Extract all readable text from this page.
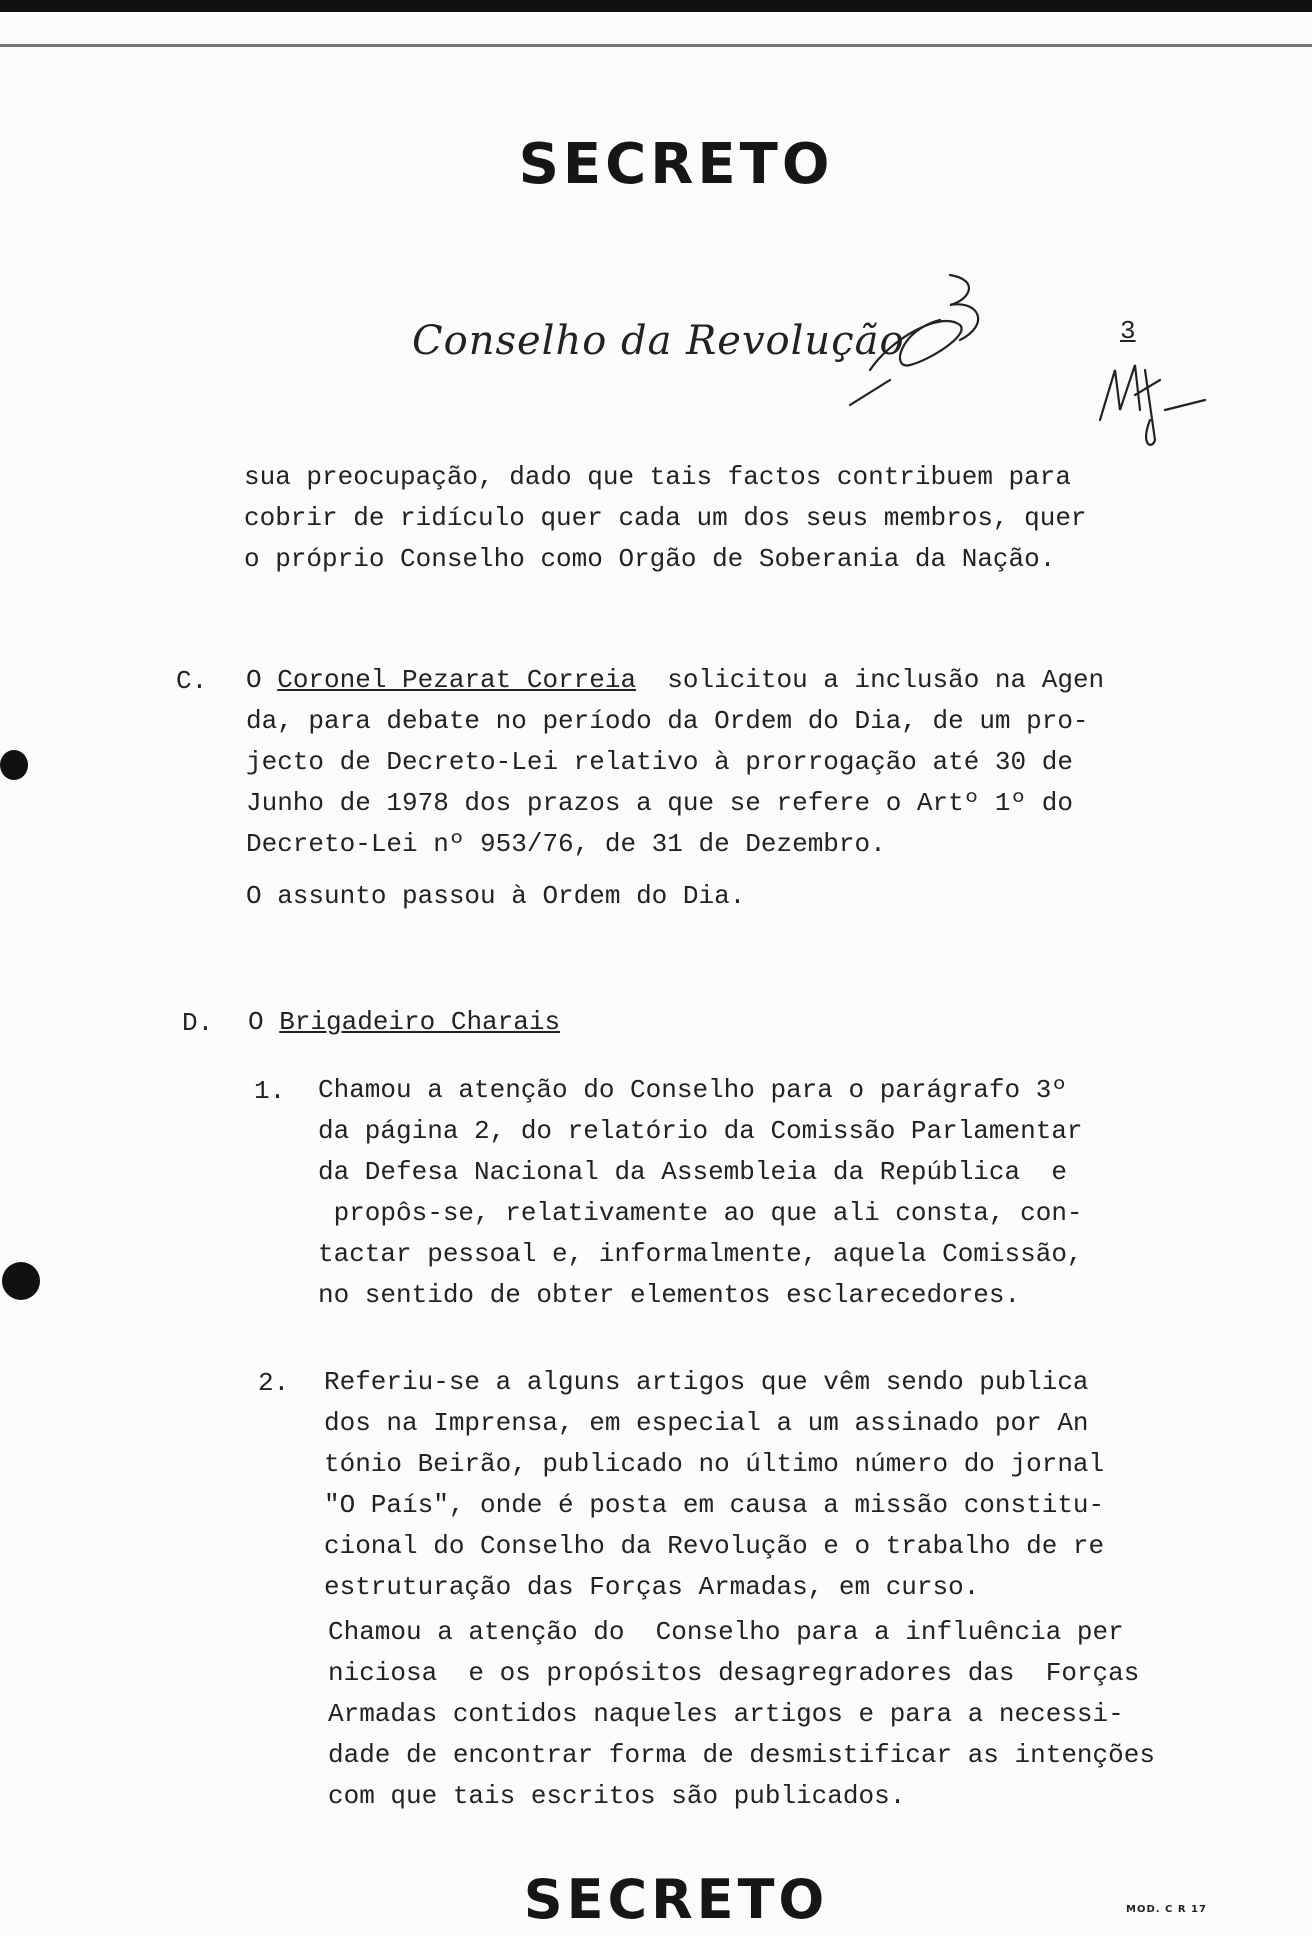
SECRETO
Conselho da Revolução	3
sua preocupação, dado que tais factos contribuem para
cobrir de ridículo quer cada um dos seus membros, quer
o próprio Conselho como Orgão de Soberania da Nação.
C. O Coronel Pezarat Correia  solicitou a inclusão na Agen
da, para debate no período da Ordem do Dia, de um pro-
jecto de Decreto-Lei relativo à prorrogação até 30 de
Junho de 1978 dos prazos a que se refere o Artº 1º do
Decreto-Lei nº 953/76, de 31 de Dezembro.
O assunto passou à Ordem do Dia.
D. O Brigadeiro Charais
1. Chamou a atenção do Conselho para o parágrafo 3º
da página 2, do relatório da Comissão Parlamentar
da Defesa Nacional da Assembleia da República  e
propôs-se, relativamente ao que ali consta, con-
tactar pessoal e, informalmente, aquela Comissão,
no sentido de obter elementos esclarecedores.
2. Referiu-se a alguns artigos que vêm sendo publica
dos na Imprensa, em especial a um assinado por An
tónio Beirão, publicado no último número do jornal
"O País", onde é posta em causa a missão constitu-
cional do Conselho da Revolução e o trabalho de re
estruturação das Forças Armadas, em curso.
Chamou a atenção do  Conselho para a influência per
niciosa  e os propósitos desagregradores das  Forças
Armadas contidos naqueles artigos e para a necessi-
dade de encontrar forma de desmistificar as intenções
com que tais escritos são publicados.
SECRETO	MOD. C R 17
